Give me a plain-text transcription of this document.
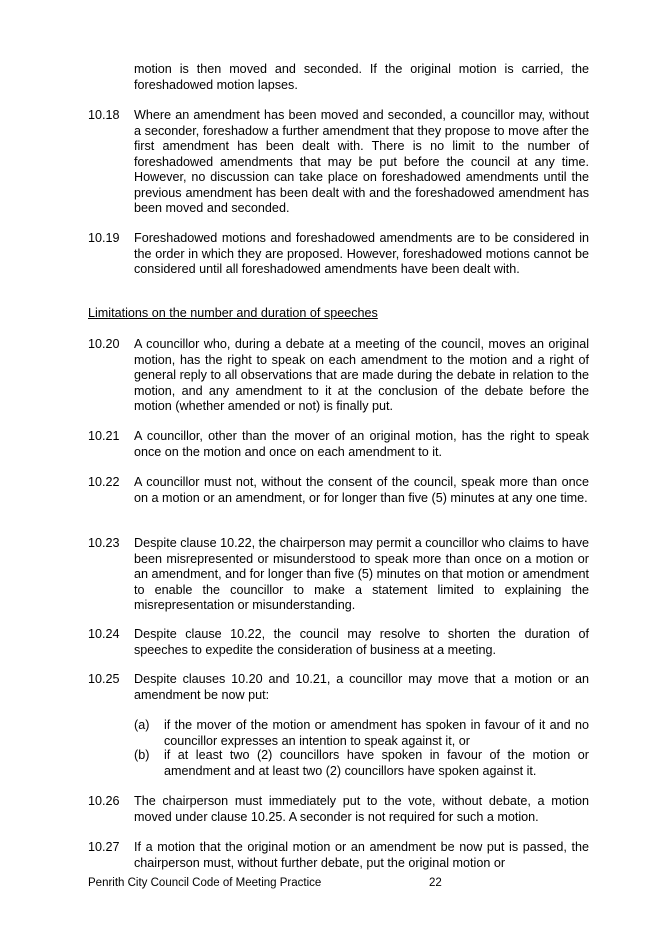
motion is then moved and seconded. If the original motion is carried, the foreshadowed motion lapses.
10.18	Where an amendment has been moved and seconded, a councillor may, without a seconder, foreshadow a further amendment that they propose to move after the first amendment has been dealt with. There is no limit to the number of foreshadowed amendments that may be put before the council at any time. However, no discussion can take place on foreshadowed amendments until the previous amendment has been dealt with and the foreshadowed amendment has been moved and seconded.
10.19	Foreshadowed motions and foreshadowed amendments are to be considered in the order in which they are proposed. However, foreshadowed motions cannot be considered until all foreshadowed amendments have been dealt with.
Limitations on the number and duration of speeches
10.20	A councillor who, during a debate at a meeting of the council, moves an original motion, has the right to speak on each amendment to the motion and a right of general reply to all observations that are made during the debate in relation to the motion, and any amendment to it at the conclusion of the debate before the motion (whether amended or not) is finally put.
10.21	A councillor, other than the mover of an original motion, has the right to speak once on the motion and once on each amendment to it.
10.22	A councillor must not, without the consent of the council, speak more than once on a motion or an amendment, or for longer than five (5) minutes at any one time.
10.23	Despite clause 10.22, the chairperson may permit a councillor who claims to have been misrepresented or misunderstood to speak more than once on a motion or an amendment, and for longer than five (5) minutes on that motion or amendment to enable the councillor to make a statement limited to explaining the misrepresentation or misunderstanding.
10.24	Despite clause 10.22, the council may resolve to shorten the duration of speeches to expedite the consideration of business at a meeting.
10.25	Despite clauses 10.20 and 10.21, a councillor may move that a motion or an amendment be now put:
(a)	if the mover of the motion or amendment has spoken in favour of it and no councillor expresses an intention to speak against it, or
(b)	if at least two (2) councillors have spoken in favour of the motion or amendment and at least two (2) councillors have spoken against it.
10.26	The chairperson must immediately put to the vote, without debate, a motion moved under clause 10.25. A seconder is not required for such a motion.
10.27	If a motion that the original motion or an amendment be now put is passed, the chairperson must, without further debate, put the original motion or
Penrith City Council Code of Meeting Practice	22
